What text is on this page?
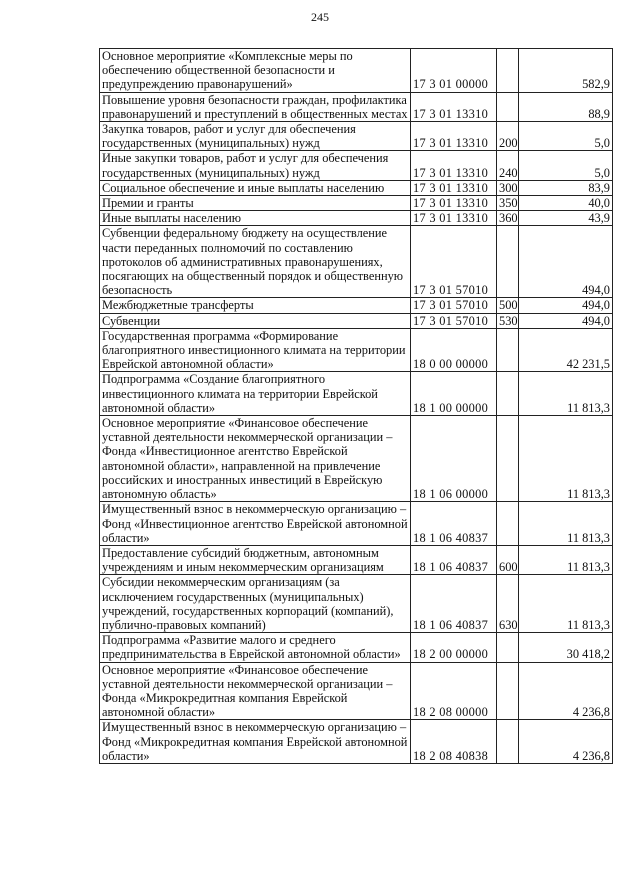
245
Основное мероприятие «Комплексные меры по обеспечению общественной безопасности и предупреждению правонарушений»	17 3 01 00000		582,9
Повышение уровня безопасности граждан, профилактика правонарушений и преступлений в общественных местах	17 3 01 13310		88,9
Закупка товаров, работ и услуг для обеспечения государственных (муниципальных) нужд	17 3 01 13310	200	5,0
Иные закупки товаров, работ и услуг для обеспечения государственных (муниципальных) нужд	17 3 01 13310	240	5,0
Социальное обеспечение и иные выплаты населению	17 3 01 13310	300	83,9
Премии и гранты	17 3 01 13310	350	40,0
Иные выплаты населению	17 3 01 13310	360	43,9
Субвенции федеральному бюджету на осуществление части переданных полномочий по составлению протоколов об административных правонарушениях, посягающих на общественный порядок и общественную безопасность	17 3 01 57010		494,0
Межбюджетные трансферты	17 3 01 57010	500	494,0
Субвенции	17 3 01 57010	530	494,0
Государственная программа «Формирование благоприятного инвестиционного климата на территории Еврейской автономной области»	18 0 00 00000		42 231,5
Подпрограмма «Создание благоприятного инвестиционного климата на территории Еврейской автономной области»	18 1 00 00000		11 813,3
Основное мероприятие «Финансовое обеспечение уставной деятельности некоммерческой организации – Фонда «Инвестиционное агентство Еврейской автономной области», направленной на привлечение российских и иностранных инвестиций в Еврейскую автономную область»	18 1 06 00000		11 813,3
Имущественный взнос в некоммерческую организацию – Фонд «Инвестиционное агентство Еврейской автономной области»	18 1 06 40837		11 813,3
Предоставление субсидий бюджетным, автономным учреждениям и иным некоммерческим организациям	18 1 06 40837	600	11 813,3
Субсидии некоммерческим организациям (за исключением государственных (муниципальных) учреждений, государственных корпораций (компаний), публично-правовых компаний)	18 1 06 40837	630	11 813,3
Подпрограмма «Развитие малого и среднего предпринимательства в Еврейской автономной области»	18 2 00 00000		30 418,2
Основное мероприятие «Финансовое обеспечение уставной деятельности некоммерческой организации – Фонда «Микрокредитная компания Еврейской автономной области»	18 2 08 00000		4 236,8
Имущественный взнос в некоммерческую организацию – Фонд «Микрокредитная компания Еврейской автономной области»	18 2 08 40838		4 236,8
